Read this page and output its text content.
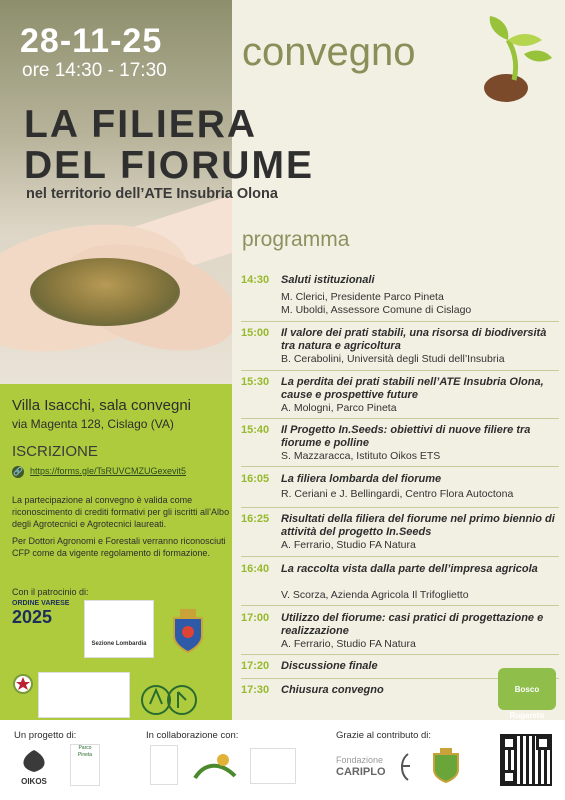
28-11-25
ore 14:30 - 17:30 convegno
LA FILIERA
DEL FIORUME
nel territorio dell’ATE Insubria Olona
programma
14:30 Saluti istituzionali
M. Clerici, Presidente Parco Pineta
M. Uboldi, Assessore Comune di Cislago
15:00 Il valore dei prati stabili, una risorsa di biodiversità tra natura e agricoltura
B. Cerabolini, Università degli Studi dell’Insubria
15:30 La perdita dei prati stabili nell’ATE Insubria Olona, cause e prospettive future
A. Mologni, Parco Pineta
15:40 Il Progetto In.Seeds: obiettivi di nuove filiere tra fiorume e polline
S. Mazzaracca, Istituto Oikos ETS
16:05 La filiera lombarda del fiorume
R. Ceriani e J. Bellingardi, Centro Flora Autoctona
16:25 Risultati della filiera del fiorume nel primo biennio di attività del progetto In.Seeds
A. Ferrario, Studio FA Natura
16:40 La raccolta vista dalla parte dell’impresa agricola
V. Scorza, Azienda Agricola Il Trifoglietto
17:00 Utilizzo del fiorume: casi pratici di progettazione e realizzazione
A. Ferrario, Studio FA Natura
17:20 Discussione finale
17:30 Chiusura convegno
Villa Isacchi, sala convegni
via Magenta 128, Cislago (VA)
ISCRIZIONE
🔗 https://forms.gle/TsRUVCMZUGexevit5
La partecipazione al convegno è valida come riconoscimento di crediti formativi per gli iscritti all’Albo degli Agrotecnici e Agrotecnici laureati.
Per Dottori Agronomi e Forestali verranno riconosciuti CFP come da vigente regolamento di formazione.
Con il patrocinio di:
ORDINE VARESE
2025
Sezione Lombardia
Bosco
Rugareto
Un progetto di:	In collaborazione con:	Grazie al contributo di:
OIKOS
Parco Pineta	Fondazione
CARIPLO
